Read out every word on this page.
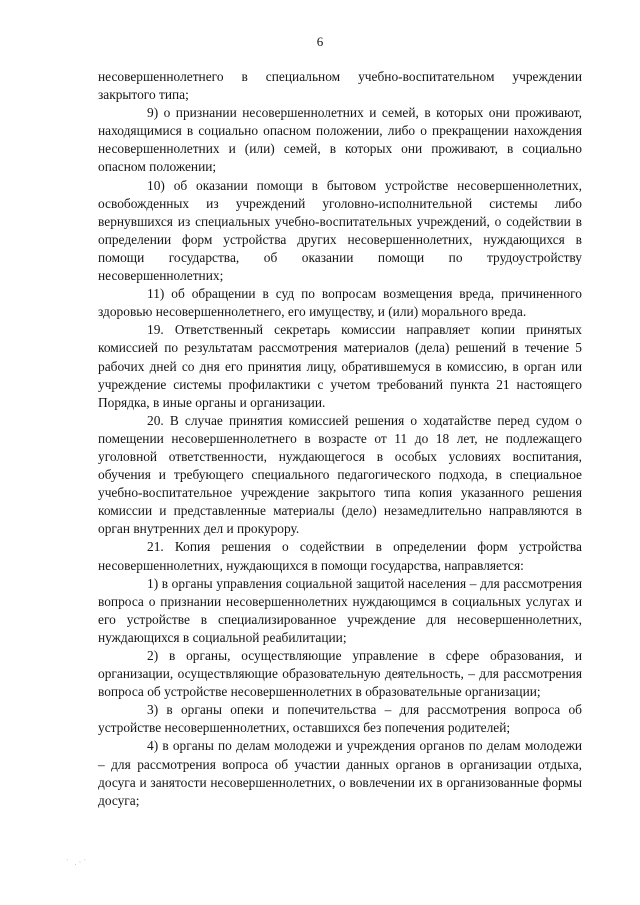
6

несовершеннолетнего в специальном учебно-воспитательном учреждении закрытого типа;

9) о признании несовершеннолетних и семей, в которых они проживают, находящимися в социально опасном положении, либо о прекращении нахождения несовершеннолетних и (или) семей, в которых они проживают, в социально опасном положении;

10) об оказании помощи в бытовом устройстве несовершеннолетних, освобожденных из учреждений уголовно-исполнительной системы либо вернувшихся из специальных учебно-воспитательных учреждений, о содействии в определении форм устройства других несовершеннолетних, нуждающихся в помощи государства, об оказании помощи по трудоустройству несовершеннолетних;

11) об обращении в суд по вопросам возмещения вреда, причиненного здоровью несовершеннолетнего, его имуществу, и (или) морального вреда.

19. Ответственный секретарь комиссии направляет копии принятых комиссией по результатам рассмотрения материалов (дела) решений в течение 5 рабочих дней со дня его принятия лицу, обратившемуся в комиссию, в орган или учреждение системы профилактики с учетом требований пункта 21 настоящего Порядка, в иные органы и организации.

20. В случае принятия комиссией решения о ходатайстве перед судом о помещении несовершеннолетнего в возрасте от 11 до 18 лет, не подлежащего уголовной ответственности, нуждающегося в особых условиях воспитания, обучения и требующего специального педагогического подхода, в специальное учебно-воспитательное учреждение закрытого типа копия указанного решения комиссии и представленные материалы (дело) незамедлительно направляются в орган внутренних дел и прокурору.

21. Копия решения о содействии в определении форм устройства несовершеннолетних, нуждающихся в помощи государства, направляется:

1) в органы управления социальной защитой населения – для рассмотрения вопроса о признании несовершеннолетних нуждающимся в социальных услугах и его устройстве в специализированное учреждение для несовершеннолетних, нуждающихся в социальной реабилитации;

2) в органы, осуществляющие управление в сфере образования, и организации, осуществляющие образовательную деятельность, – для рассмотрения вопроса об устройстве несовершеннолетних в образовательные организации;

3) в органы опеки и попечительства – для рассмотрения вопроса об устройстве несовершеннолетних, оставшихся без попечения родителей;

4) в органы по делам молодежи и учреждения органов по делам молодежи – для рассмотрения вопроса об участии данных органов в организации отдыха, досуга и занятости несовершеннолетних, о вовлечении их в организованные формы досуга;

` .·`
